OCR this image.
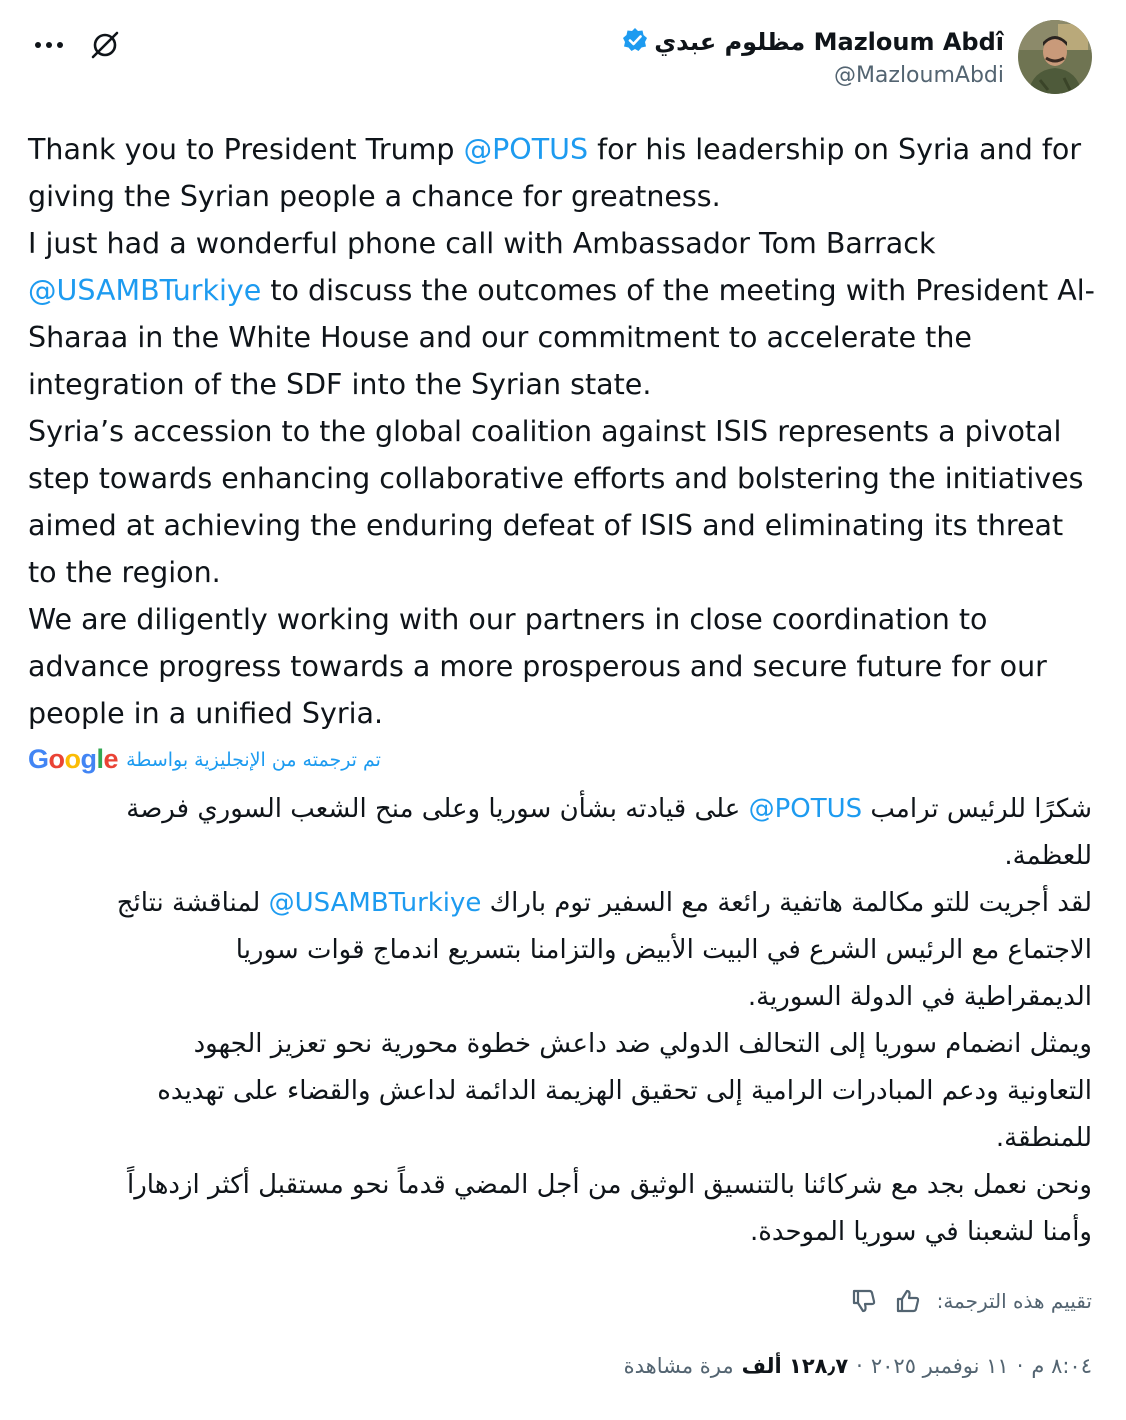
مظلوم عبدي Mazloum Abdî
@MazloumAbdi

Thank you to President Trump @POTUS for his leadership on Syria and for giving the Syrian people a chance for greatness.

I just had a wonderful phone call with Ambassador Tom Barrack @USAMBTurkiye to discuss the outcomes of the meeting with President Al-Sharaa in the White House and our commitment to accelerate the integration of the SDF into the Syrian state.

Syria’s accession to the global coalition against ISIS represents a pivotal step towards enhancing collaborative efforts and bolstering the initiatives aimed at achieving the enduring defeat of ISIS and eliminating its threat to the region.

We are diligently working with our partners in close coordination to advance progress towards a more prosperous and secure future for our people in a unified Syria.

تم ترجمته من الإنجليزية بواسطة
Google

شكرًا للرئيس ترامب @POTUS على قيادته بشأن سوريا وعلى منح الشعب السوري فرصة للعظمة.

لقد أجريت للتو مكالمة هاتفية رائعة مع السفير توم باراك @USAMBTurkiye لمناقشة نتائج الاجتماع مع الرئيس الشرع في البيت الأبيض والتزامنا بتسريع اندماج قوات سوريا الديمقراطية في الدولة السورية.

ويمثل انضمام سوريا إلى التحالف الدولي ضد داعش خطوة محورية نحو تعزيز الجهود التعاونية ودعم المبادرات الرامية إلى تحقيق الهزيمة الدائمة لداعش والقضاء على تهديده للمنطقة.

ونحن نعمل بجد مع شركائنا بالتنسيق الوثيق من أجل المضي قدماً نحو مستقبل أكثر ازدهاراً وأمنا لشعبنا في سوريا الموحدة.

تقييم هذه الترجمة:
٨:٠٤ م
·
١١ نوفمبر ٢٠٢٥
·
١٢٨٫٧ ألف
مرة مشاهدة
